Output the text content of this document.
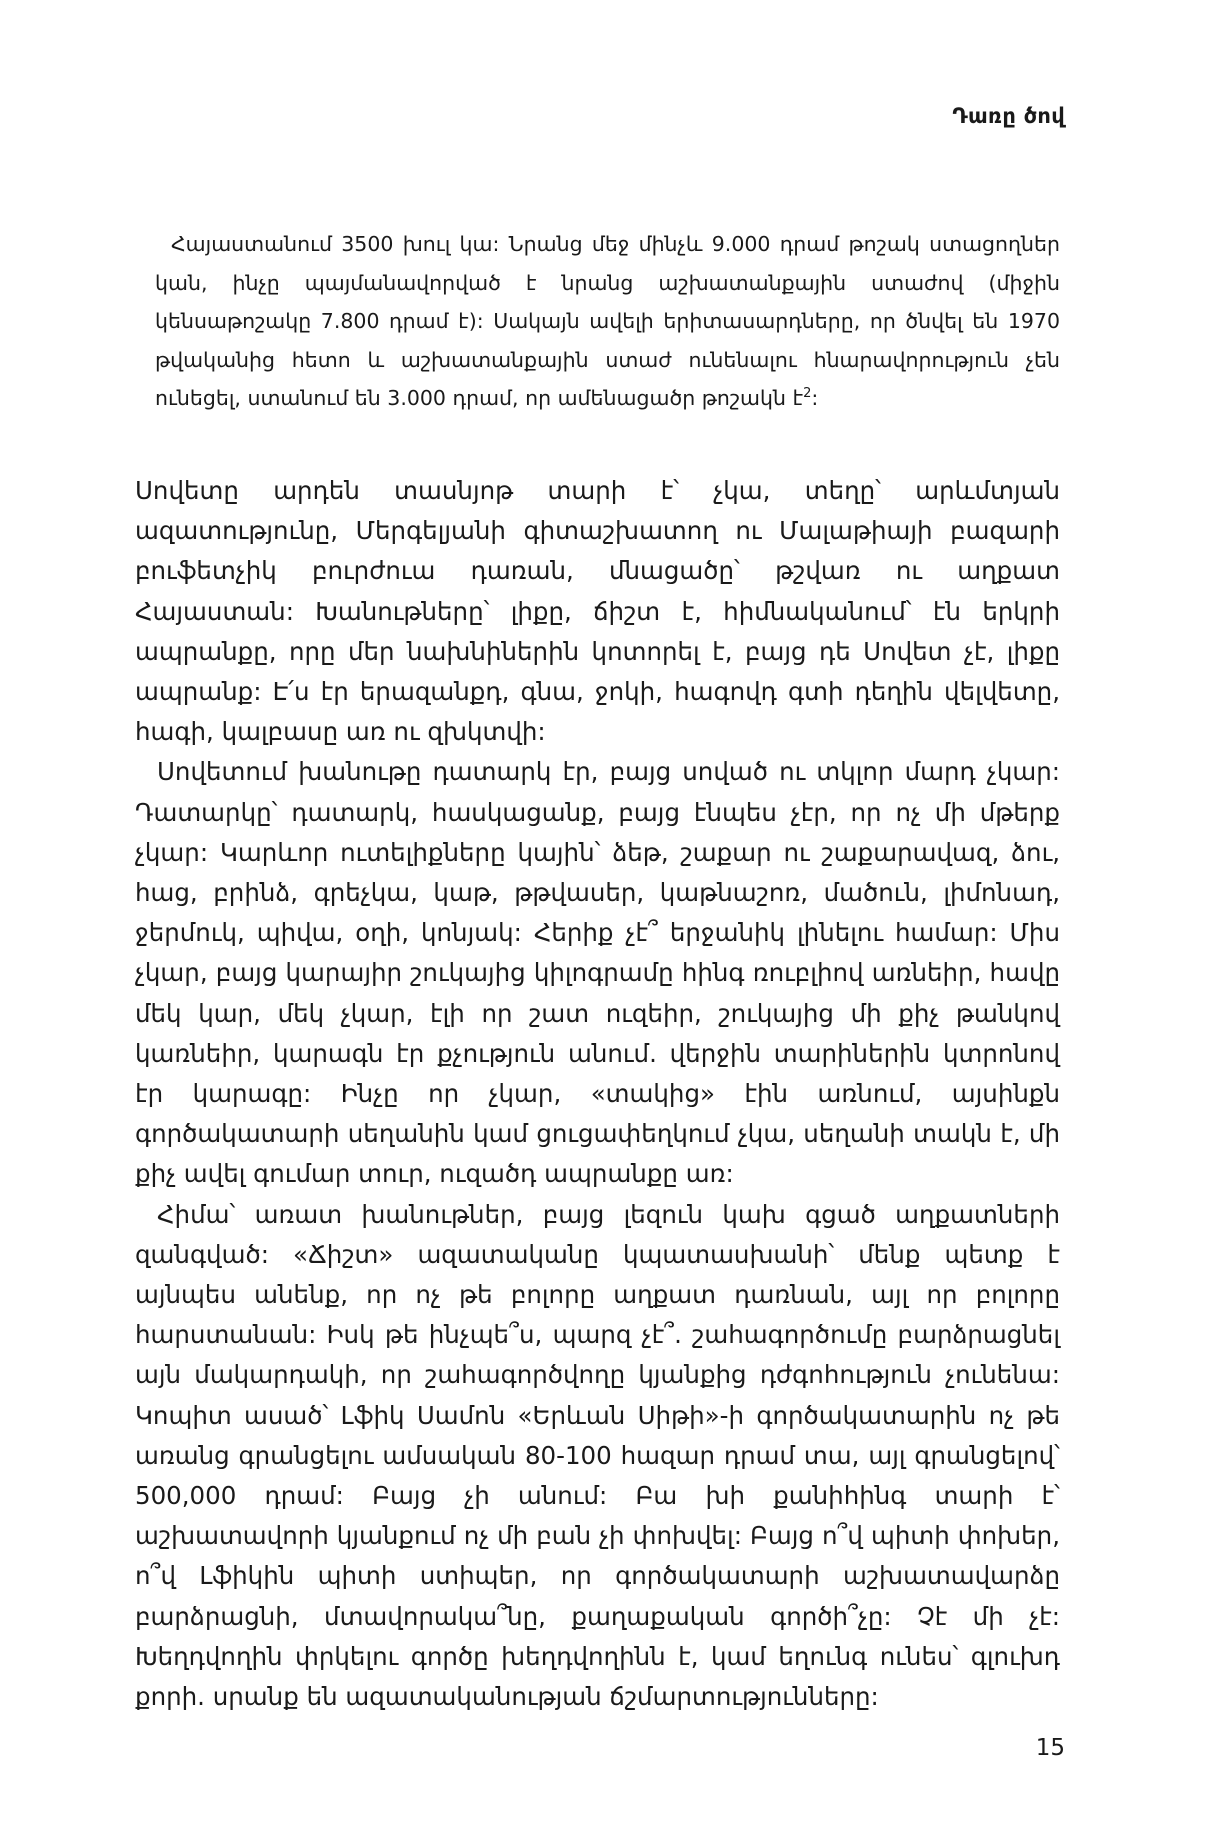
Դառը ծով

Հայաստանում 3500 խուլ կա: Նրանց մեջ մինչև 9.000 դրամ թոշակ ստացողներ կան, ինչը պայմանավորված է նրանց աշխատանքային ստաժով (միջին կենսաթոշակը 7.800 դրամ է): Սակայն ավելի երիտասարդները, որ ծնվել են 1970 թվականից հետո և աշխատանքային ստաժ ունենալու հնարավորություն չեն ունեցել, ստանում են 3.000 դրամ, որ ամենացածր թոշակն է$^2$:

Սովետը արդեն տասնյոթ տարի է՝ չկա, տեղը՝ արևմտյան ազատությունը, Մերգելյանի գիտաշխատող ու Մալաթիայի բազարի բուֆետչիկ բուրժուա դառան, մնացածը՝ թշվառ ու աղքատ Հայաստան: Խանութները՝ լիքը, ճիշտ է, հիմնականում՝ էն երկրի ապրանքը, որը մեր նախնիներին կոտորել է, բայց դե Սովետ չէ, լիքը ապրանք: Է՛ս էր երազանքդ, գնա, ջոկի, հագովդ գտի դեղին վելվետը, հագի, կալբասը առ ու զխկտվի:

Սովետում խանութը դատարկ էր, բայց սոված ու տկլոր մարդ չկար: Դատարկը՝ դատարկ, հասկացանք, բայց էնպես չէր, որ ոչ մի մթերք չկար: Կարևոր ուտելիքները կային՝ ձեթ, շաքար ու շաքարավազ, ձու, հաց, բրինձ, գրեչկա, կաթ, թթվասեր, կաթնաշոռ, մածուն, լիմոնադ, ջերմուկ, պիվա, օղի, կոնյակ: Հերիք չէ՞ երջանիկ լինելու համար: Միս չկար, բայց կարայիր շուկայից կիլոգրամը հինգ ռուբլիով առնեիր, հավը մեկ կար, մեկ չկար, էլի որ շատ ուզեիր, շուկայից մի քիչ թանկով կառնեիր, կարագն էր քչություն անում. վերջին տարիներին կտրոնով էր կարագը: Ինչը որ չկար, «տակից» էին առնում, այսինքն գործակատարի սեղանին կամ ցուցափեղկում չկա, սեղանի տակն է, մի քիչ ավել գումար տուր, ուզածդ ապրանքը առ:

Հիմա՝ առատ խանութներ, բայց լեզուն կախ գցած աղքատների զանգված: «Ճիշտ» ազատականը կպատասխանի՝ մենք պետք է այնպես անենք, որ ոչ թե բոլորը աղքատ դառնան, այլ որ բոլորը հարստանան: Իսկ թե ինչպե՞ս, պարզ չէ՞. շահագործումը բարձրացնել այն մակարդակի, որ շահագործվողը կյանքից դժգոհություն չունենա: Կոպիտ ասած՝ Լֆիկ Սամոն «Երևան Սիթի»-ի գործակատարին ոչ թե առանց գրանցելու ամսական 80-100 հազար դրամ տա, այլ գրանցելով՝ 500,000 դրամ: Բայց չի անում: Բա խի քանիհինգ տարի է՝ աշխատավորի կյանքում ոչ մի բան չի փոխվել: Բայց ո՞վ պիտի փոխեր, ո՞վ Լֆիկին պիտի ստիպեր, որ գործակատարի աշխատավարձը բարձրացնի, մտավորակա՞նը, քաղաքական գործի՞չը: Չէ մի չէ: Խեղդվողին փրկելու գործը խեղդվողինն է, կամ եղունգ ունես՝ գլուխդ քորի. սրանք են ազատականության ճշմարտությունները:

15
